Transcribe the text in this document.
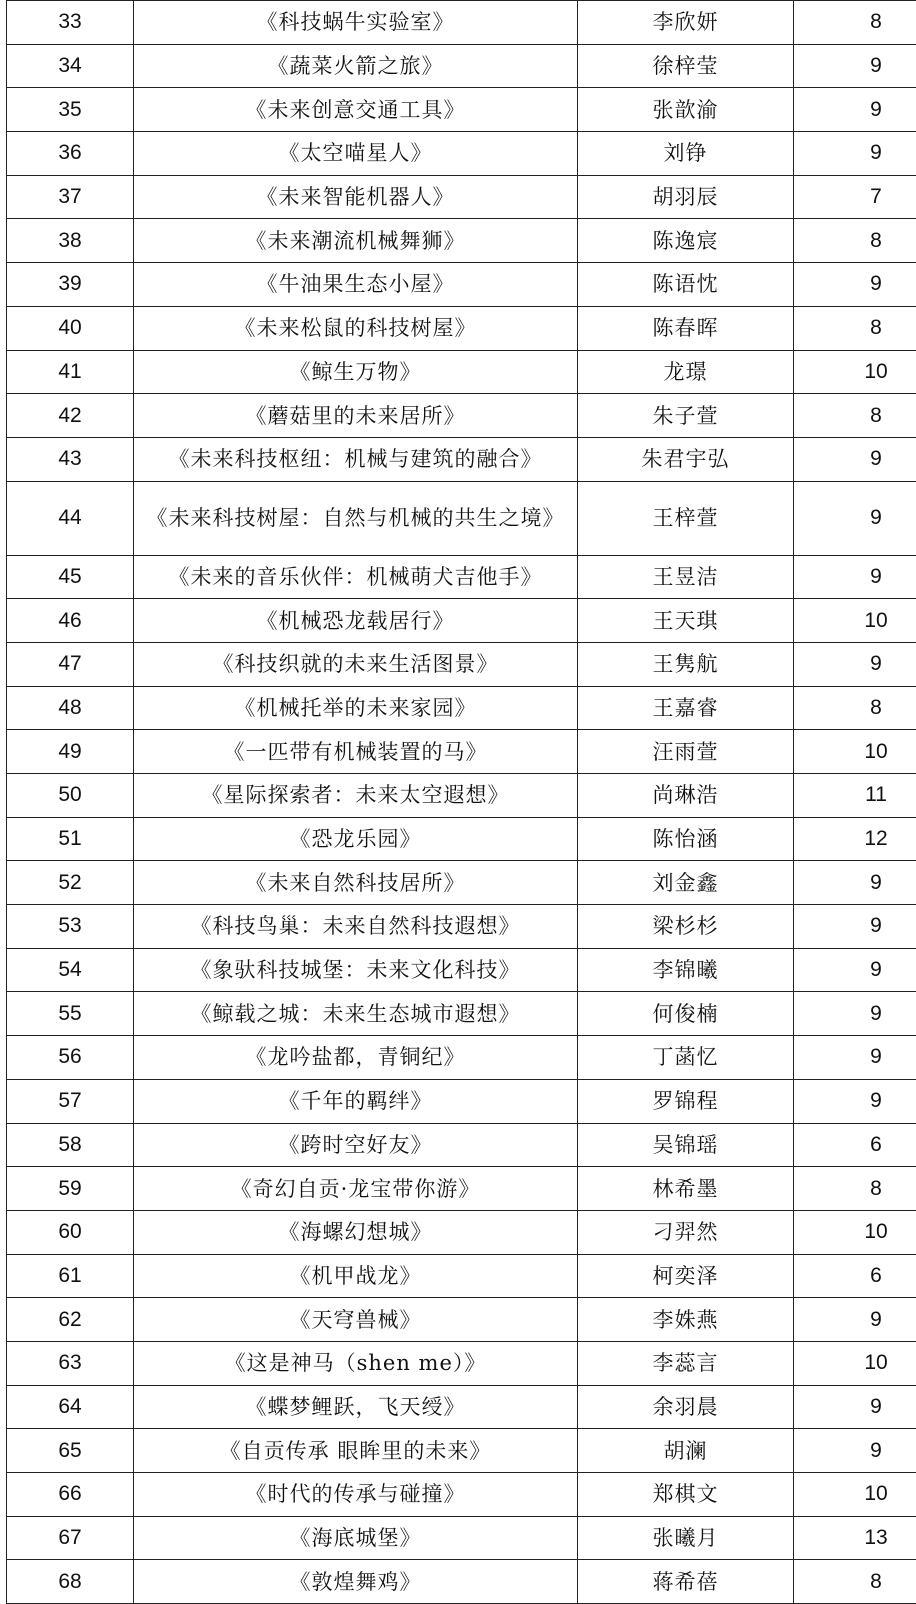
33	《科技蜗牛实验室》	李欣妍	8
34	《蔬菜火箭之旅》	徐梓莹	9
35	《未来创意交通工具》	张歆渝	9
36	《太空喵星人》	刘铮	9
37	《未来智能机器人》	胡羽辰	7
38	《未来潮流机械舞狮》	陈逸宸	8
39	《牛油果生态小屋》	陈语忱	9
40	《未来松鼠的科技树屋》	陈春晖	8
41	《鲸生万物》	龙璟	10
42	《蘑菇里的未来居所》	朱子萱	8
43	《未来科技枢纽：机械与建筑的融合》	朱君宇弘	9
44	《未来科技树屋：自然与机械的共生之境》	王梓萱	9
45	《未来的音乐伙伴：机械萌犬吉他手》	王昱洁	9
46	《机械恐龙载居行》	王天琪	10
47	《科技织就的未来生活图景》	王隽航	9
48	《机械托举的未来家园》	王嘉睿	8
49	《一匹带有机械装置的马》	汪雨萱	10
50	《星际探索者：未来太空遐想》	尚琳浩	11
51	《恐龙乐园》	陈怡涵	12
52	《未来自然科技居所》	刘金鑫	9
53	《科技鸟巢：未来自然科技遐想》	梁杉杉	9
54	《象驮科技城堡：未来文化科技》	李锦曦	9
55	《鲸载之城：未来生态城市遐想》	何俊楠	9
56	《龙吟盐都，青铜纪》	丁菡忆	9
57	《千年的羁绊》	罗锦程	9
58	《跨时空好友》	吴锦瑶	6
59	《奇幻自贡·龙宝带你游》	林希墨	8
60	《海螺幻想城》	刁羿然	10
61	《机甲战龙》	柯奕泽	6
62	《天穹兽械》	李姝燕	9
63	《这是神马（shen me）》	李蕊言	10
64	《蝶梦鲤跃，飞天绶》	余羽晨	9
65	《自贡传承 眼眸里的未来》	胡澜	9
66	《时代的传承与碰撞》	郑棋文	10
67	《海底城堡》	张曦月	13
68	《敦煌舞鸡》	蒋希蓓	8
